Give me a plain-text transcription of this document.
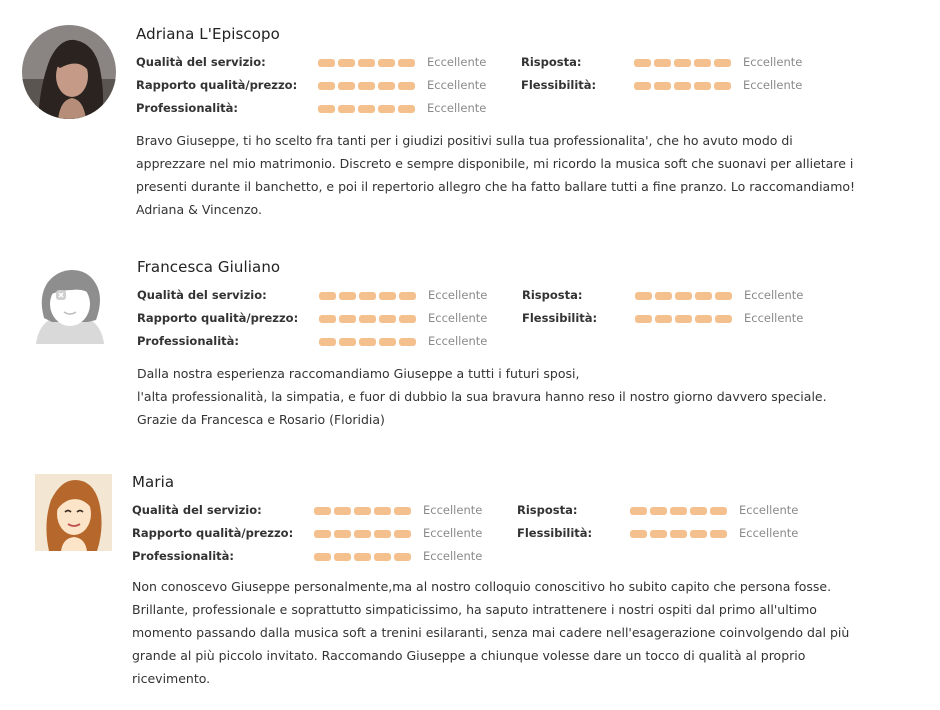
Adriana L'Episcopo
Qualità del servizio:	Eccellente
Rapporto qualità/prezzo:	Eccellente
Professionalità:	Eccellente
Risposta:	Eccellente
Flessibilità:	Eccellente

Bravo Giuseppe, ti ho scelto fra tanti per i giudizi positivi sulla tua professionalita', che ho avuto modo di
apprezzare nel mio matrimonio. Discreto e sempre disponibile, mi ricordo la musica soft che suonavi per allietare i
presenti durante il banchetto, e poi il repertorio allegro che ha fatto ballare tutti a fine pranzo. Lo raccomandiamo!
Adriana & Vincenzo.

Francesca Giuliano
Qualità del servizio:	Eccellente
Rapporto qualità/prezzo:	Eccellente
Professionalità:	Eccellente
Risposta:	Eccellente
Flessibilità:	Eccellente

Dalla nostra esperienza raccomandiamo Giuseppe a tutti i futuri sposi,
l'alta professionalità, la simpatia, e fuor di dubbio la sua bravura hanno reso il nostro giorno davvero speciale.
Grazie da Francesca e Rosario (Floridia)

Maria
Qualità del servizio:	Eccellente
Rapporto qualità/prezzo:	Eccellente
Professionalità:	Eccellente
Risposta:	Eccellente
Flessibilità:	Eccellente

Non conoscevo Giuseppe personalmente,ma al nostro colloquio conoscitivo ho subito capito che persona fosse.
Brillante, professionale e soprattutto simpaticissimo, ha saputo intrattenere i nostri ospiti dal primo all'ultimo
momento passando dalla musica soft a trenini esilaranti, senza mai cadere nell'esagerazione coinvolgendo dal più
grande al più piccolo invitato. Raccomando Giuseppe a chiunque volesse dare un tocco di qualità al proprio
ricevimento.
